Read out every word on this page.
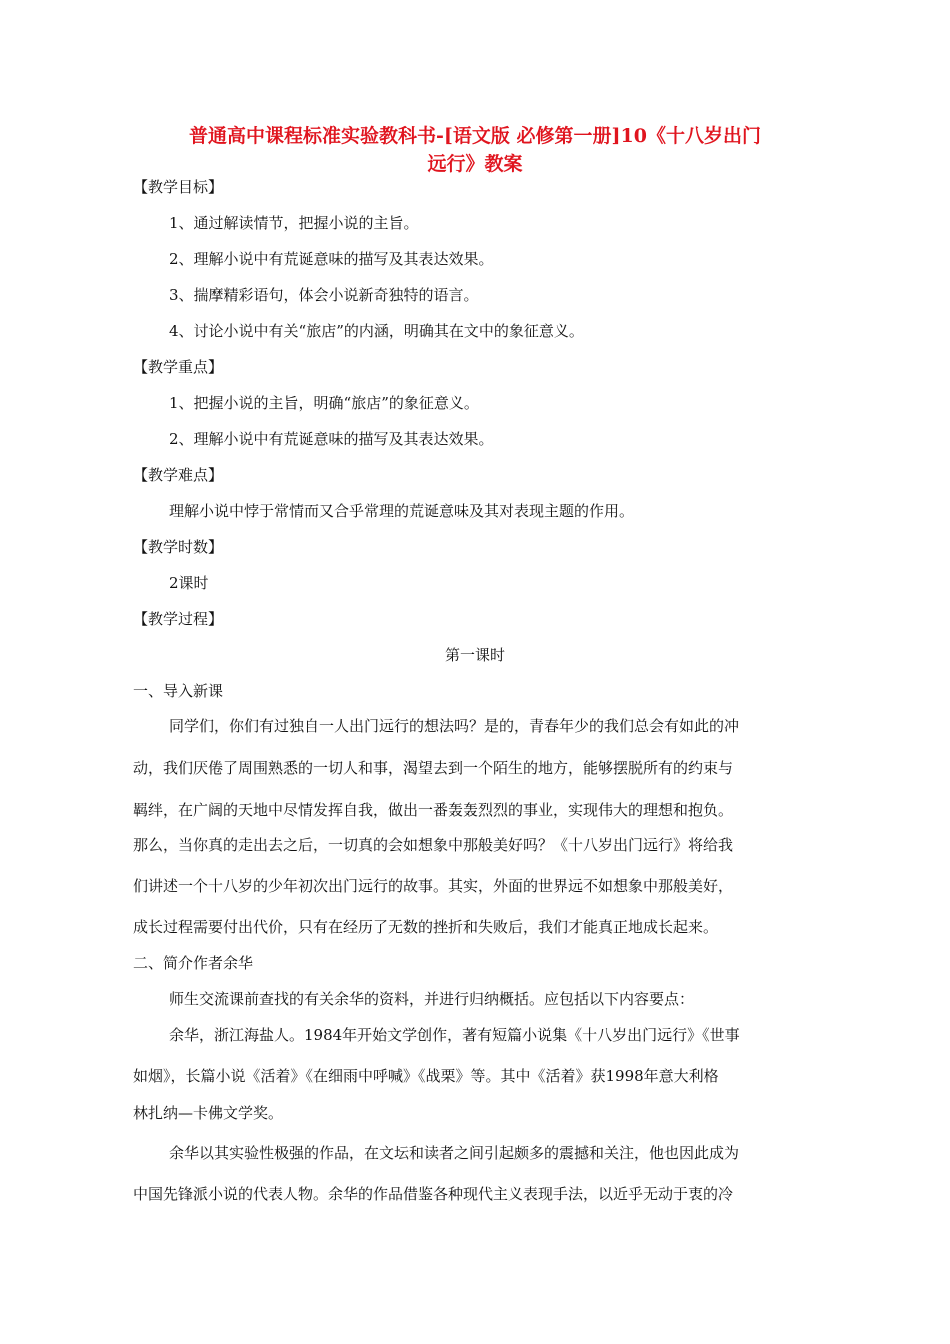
普通高中课程标准实验教科书-[语文版 必修第一册]10《十八岁出门
远行》教案
【教学目标】
1、通过解读情节，把握小说的主旨。
2、理解小说中有荒诞意味的描写及其表达效果。
3、揣摩精彩语句，体会小说新奇独特的语言。
4、讨论小说中有关“旅店”的内涵，明确其在文中的象征意义。
【教学重点】
1、把握小说的主旨，明确“旅店”的象征意义。
2、理解小说中有荒诞意味的描写及其表达效果。
【教学难点】
理解小说中悖于常情而又合乎常理的荒诞意味及其对表现主题的作用。
【教学时数】
2课时
【教学过程】
第一课时
一、导入新课
同学们，你们有过独自一人出门远行的想法吗？是的，青春年少的我们总会有如此的冲
动，我们厌倦了周围熟悉的一切人和事，渴望去到一个陌生的地方，能够摆脱所有的约束与
羁绊，在广阔的天地中尽情发挥自我，做出一番轰轰烈烈的事业，实现伟大的理想和抱负。
那么，当你真的走出去之后，一切真的会如想象中那般美好吗？《十八岁出门远行》将给我
们讲述一个十八岁的少年初次出门远行的故事。其实，外面的世界远不如想象中那般美好，
成长过程需要付出代价，只有在经历了无数的挫折和失败后，我们才能真正地成长起来。
二、简介作者余华
师生交流课前查找的有关余华的资料，并进行归纳概括。应包括以下内容要点：
余华，浙江海盐人。1984年开始文学创作，著有短篇小说集《十八岁出门远行》《世事
如烟》，长篇小说《活着》《在细雨中呼喊》《战栗》等。其中《活着》获1998年意大利格
林扎纳—卡佛文学奖。
余华以其实验性极强的作品，在文坛和读者之间引起颇多的震撼和关注，他也因此成为
中国先锋派小说的代表人物。余华的作品借鉴各种现代主义表现手法，以近乎无动于衷的冷
